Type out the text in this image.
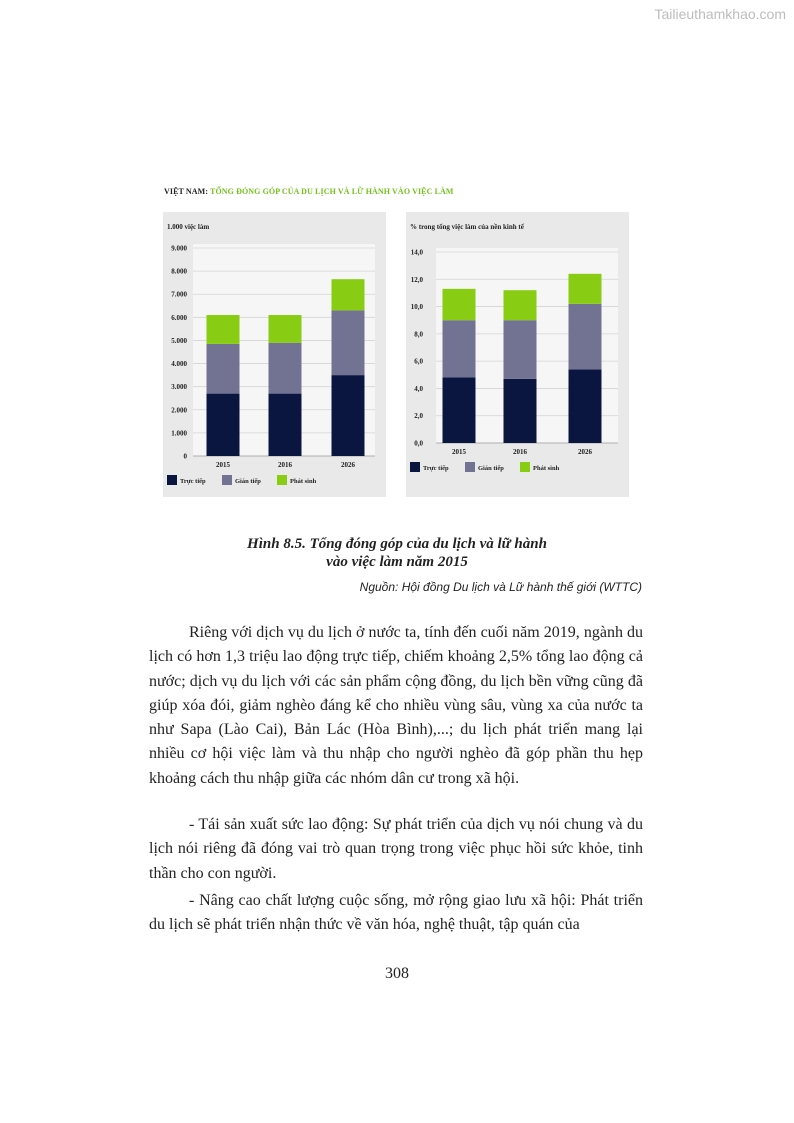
Tailieuthamkhao.com
VIỆT NAM: TỔNG ĐÓNG GÓP CỦA DU LỊCH VÀ LỮ HÀNH VÀO VIỆC LÀM
1.000 việc làm
0
1.000
2.000
3.000
4.000
5.000
6.000
7.000
8.000
9.000
2015	2016	2026
Trực tiếp	Gián tiếp	Phát sinh
% trong tổng việc làm của nền kinh tế
0,0
2,0
4,0
6,0
8,0
10,0
12,0
14,0
2015	2016	2026
Trực tiếp	Gián tiếp	Phát sinh
Hình 8.5. Tổng đóng góp của du lịch và lữ hành
vào việc làm năm 2015
Nguồn: Hội đồng Du lịch và Lữ hành thế giới (WTTC)

Riêng với dịch vụ du lịch ở nước ta, tính đến cuối năm 2019, ngành du lịch có hơn 1,3 triệu lao động trực tiếp, chiếm khoảng 2,5% tổng lao động cả nước; dịch vụ du lịch với các sản phẩm cộng đồng, du lịch bền vững cũng đã giúp xóa đói, giảm nghèo đáng kể cho nhiều vùng sâu, vùng xa của nước ta như Sapa (Lào Cai), Bản Lác (Hòa Bình),...; du lịch phát triển mang lại nhiều cơ hội việc làm và thu nhập cho người nghèo đã góp phần thu hẹp khoảng cách thu nhập giữa các nhóm dân cư trong xã hội.

- Tái sản xuất sức lao động: Sự phát triển của dịch vụ nói chung và du lịch nói riêng đã đóng vai trò quan trọng trong việc phục hồi sức khỏe, tinh thần cho con người.

- Nâng cao chất lượng cuộc sống, mở rộng giao lưu xã hội: Phát triển du lịch sẽ phát triển nhận thức về văn hóa, nghệ thuật, tập quán của

308
